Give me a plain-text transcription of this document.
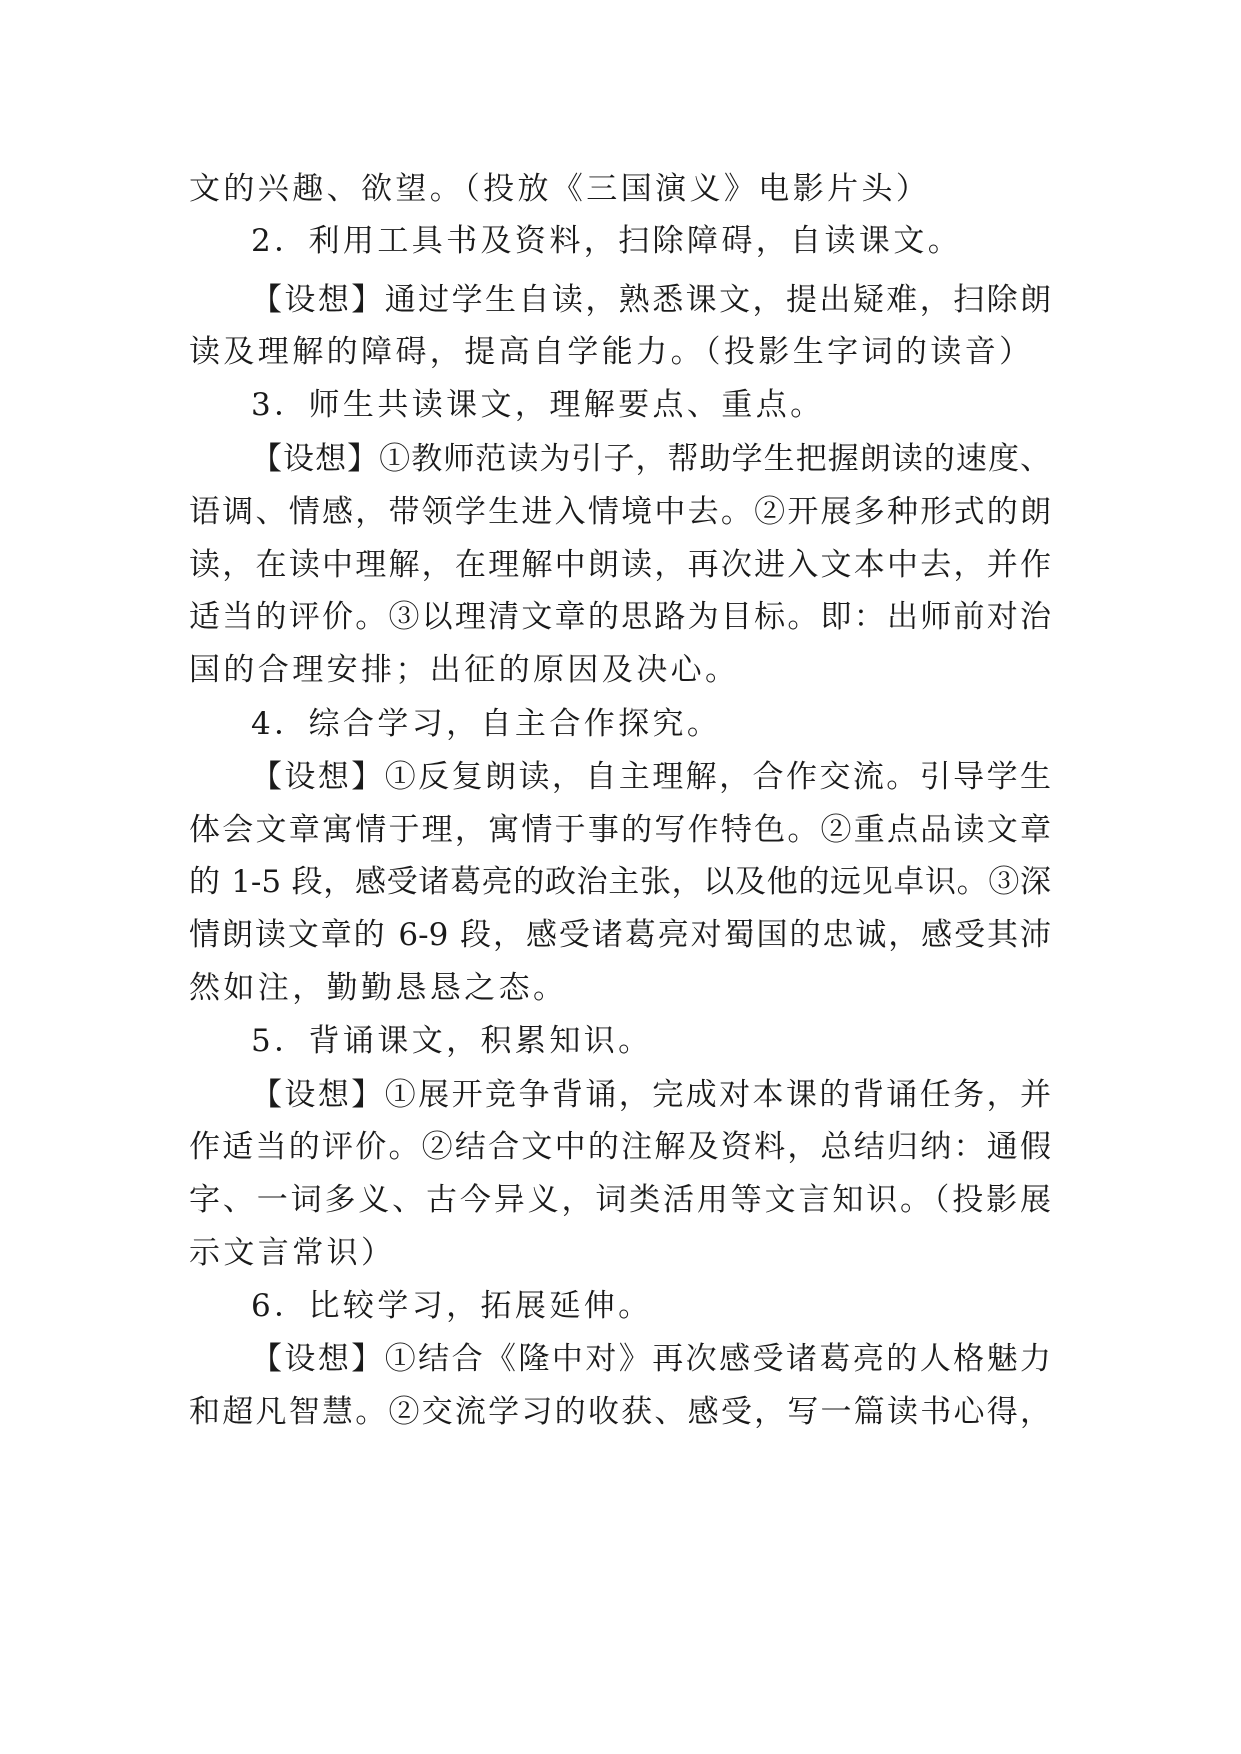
文的兴趣、欲望。（投放《三国演义》电影片头）
2．利用工具书及资料，扫除障碍，自读课文。
【设想】通过学生自读，熟悉课文，提出疑难，扫除朗
读及理解的障碍，提高自学能力。（投影生字词的读音）
3．师生共读课文，理解要点、重点。
【设想】①教师范读为引子，帮助学生把握朗读的速度、
语调、情感，带领学生进入情境中去。②开展多种形式的朗
读，在读中理解，在理解中朗读，再次进入文本中去，并作
适当的评价。③以理清文章的思路为目标。即：出师前对治
国的合理安排；出征的原因及决心。
4．综合学习，自主合作探究。
【设想】①反复朗读，自主理解，合作交流。引导学生
体会文章寓情于理，寓情于事的写作特色。②重点品读文章
的 1-5 段，感受诸葛亮的政治主张，以及他的远见卓识。③深
情朗读文章的 6-9 段，感受诸葛亮对蜀国的忠诚，感受其沛
然如注，勤勤恳恳之态。
5．背诵课文，积累知识。
【设想】①展开竞争背诵，完成对本课的背诵任务，并
作适当的评价。②结合文中的注解及资料，总结归纳：通假
字、一词多义、古今异义，词类活用等文言知识。（投影展
示文言常识）
6．比较学习，拓展延伸。
【设想】①结合《隆中对》再次感受诸葛亮的人格魅力
和超凡智慧。②交流学习的收获、感受，写一篇读书心得，
